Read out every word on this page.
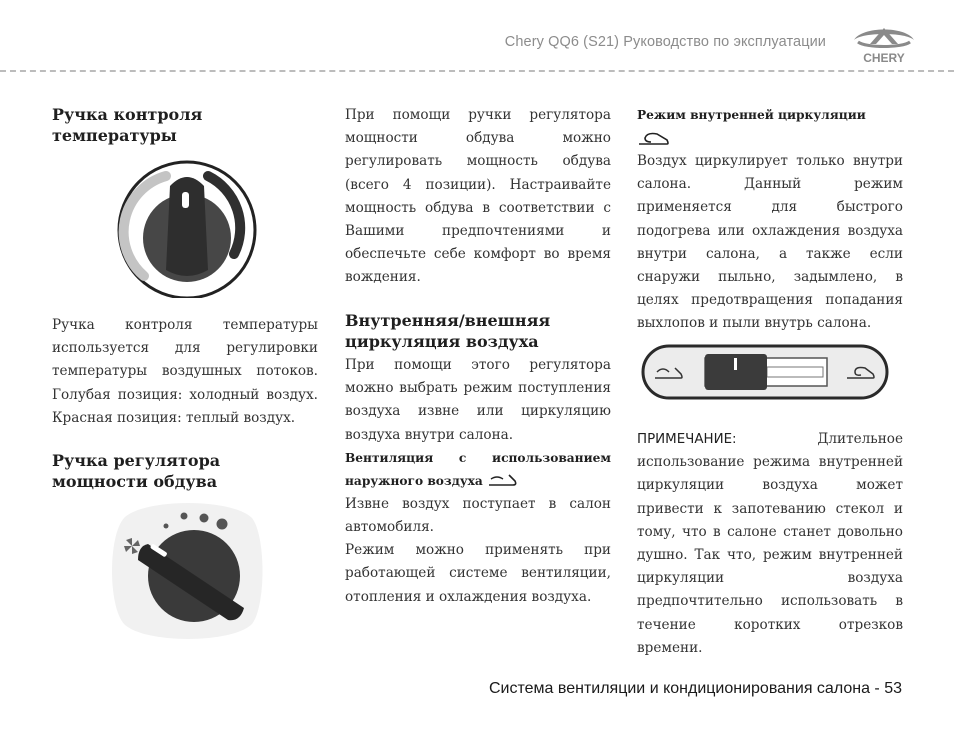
Chery QQ6 (S21) Руководство по эксплуатации
CHERY
Ручка контроля температуры

Ручка контроля температуры используется для регулировки температуры воздушных потоков. Голубая позиция: холодный воздух. Красная позиция: теплый воздух.

Ручка регулятора мощности обдува

При помощи ручки регулятора мощности обдува можно регулировать мощность обдува (всего 4 позиции). Настраивайте мощность обдува в соответствии с Вашими предпочтениями и обеспечьте себе комфорт во время вождения.

Внутренняя/внешняя циркуляция воздуха

При помощи этого регулятора можно выбрать режим поступления воздуха извне или циркуляцию воздуха внутри салона.

Вентиляция с использованием наружного воздуха

Извне воздух поступает в салон автомобиля.

Режим можно применять при работающей системе вентиляции, отопления и охлаждения воздуха.

Режим внутренней циркуляции

Воздух циркулирует только внутри салона. Данный режим применяется для быстрого подогрева или охлаждения воздуха внутри салона, а также если снаружи пыльно, задымлено, в целях предотвращения попадания выхлопов и пыли внутрь салона.

ПРИМЕЧАНИЕ:	Длительное использование режима внутренней циркуляции воздуха может привести к запотеванию стекол и тому, что в салоне станет довольно душно. Так что, режим внутренней циркуляции воздуха предпочтительно использовать в течение коротких отрезков времени.

Система вентиляции и кондиционирования салона - 53
